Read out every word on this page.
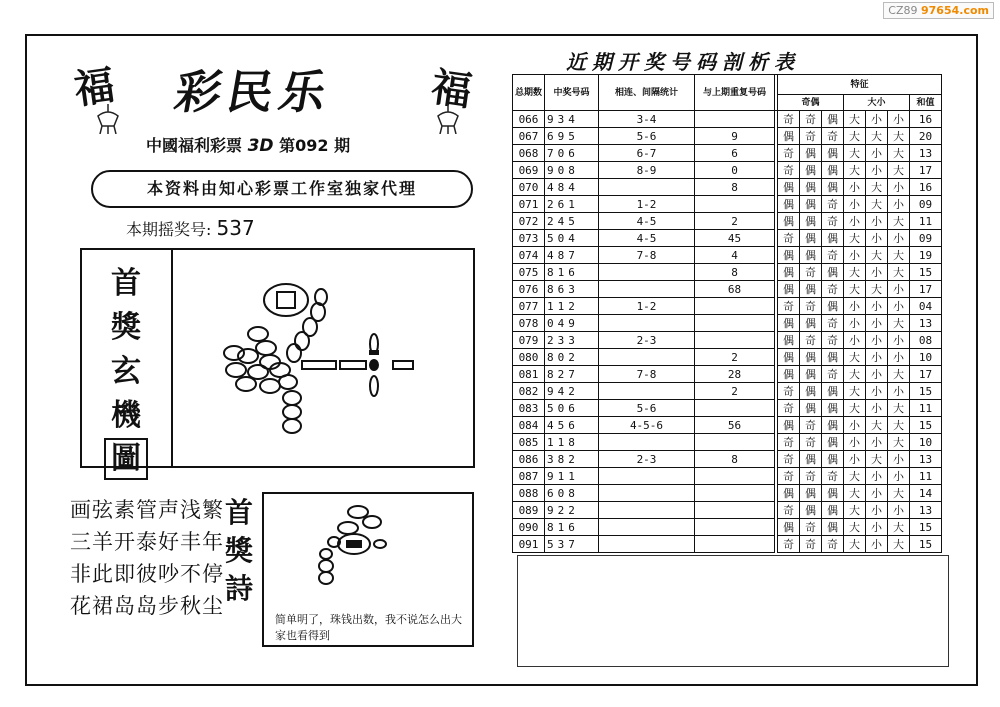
CZ89 97654.com
福	福
彩民乐
中國福利彩票 3D 第092 期
本资料由知心彩票工作室独家代理
本期摇奖号: 537
首
獎
玄
機
圖
画弦素管声浅繁
三羊开泰好丰年
非此即彼吵不停
花裙岛岛步秋尘
首
獎
詩
简单明了，珠钱出数，我不说怎么出大家也看得到
近期开奖号码剖析表
总期数	中奖号码	相连、间隔统计	与上期重复号码		特征						
					奇偶			大小			和值

066	934	3-4			奇	奇	偶	大	小	小	16
067	695	5-6	9		偶	奇	奇	大	大	大	20
068	706	6-7	6		奇	偶	偶	大	小	大	13
069	908	8-9	0		奇	偶	偶	大	小	大	17
070	484		8		偶	偶	偶	小	大	小	16
071	261	1-2			偶	偶	奇	小	大	小	09
072	245	4-5	2		偶	偶	奇	小	小	大	11
073	504	4-5	45		奇	偶	偶	大	小	小	09
074	487	7-8	4		偶	偶	奇	小	大	大	19
075	816		8		偶	奇	偶	大	小	大	15
076	863		68		偶	偶	奇	大	大	小	17
077	112	1-2			奇	奇	偶	小	小	小	04
078	049				偶	偶	奇	小	小	大	13
079	233	2-3			偶	奇	奇	小	小	小	08
080	802		2		偶	偶	偶	大	小	小	10
081	827	7-8	28		偶	偶	奇	大	小	大	17
082	942		2		奇	偶	偶	大	小	小	15
083	506	5-6			奇	偶	偶	大	小	大	11
084	456	4-5-6	56		偶	奇	偶	小	大	大	15
085	118				奇	奇	偶	小	小	大	10
086	382	2-3	8		奇	偶	偶	小	大	小	13
087	911				奇	奇	奇	大	小	小	11
088	608				偶	偶	偶	大	小	大	14
089	922				奇	偶	偶	大	小	小	13
090	816				偶	奇	偶	大	小	大	15
091	537				奇	奇	奇	大	小	大	15
